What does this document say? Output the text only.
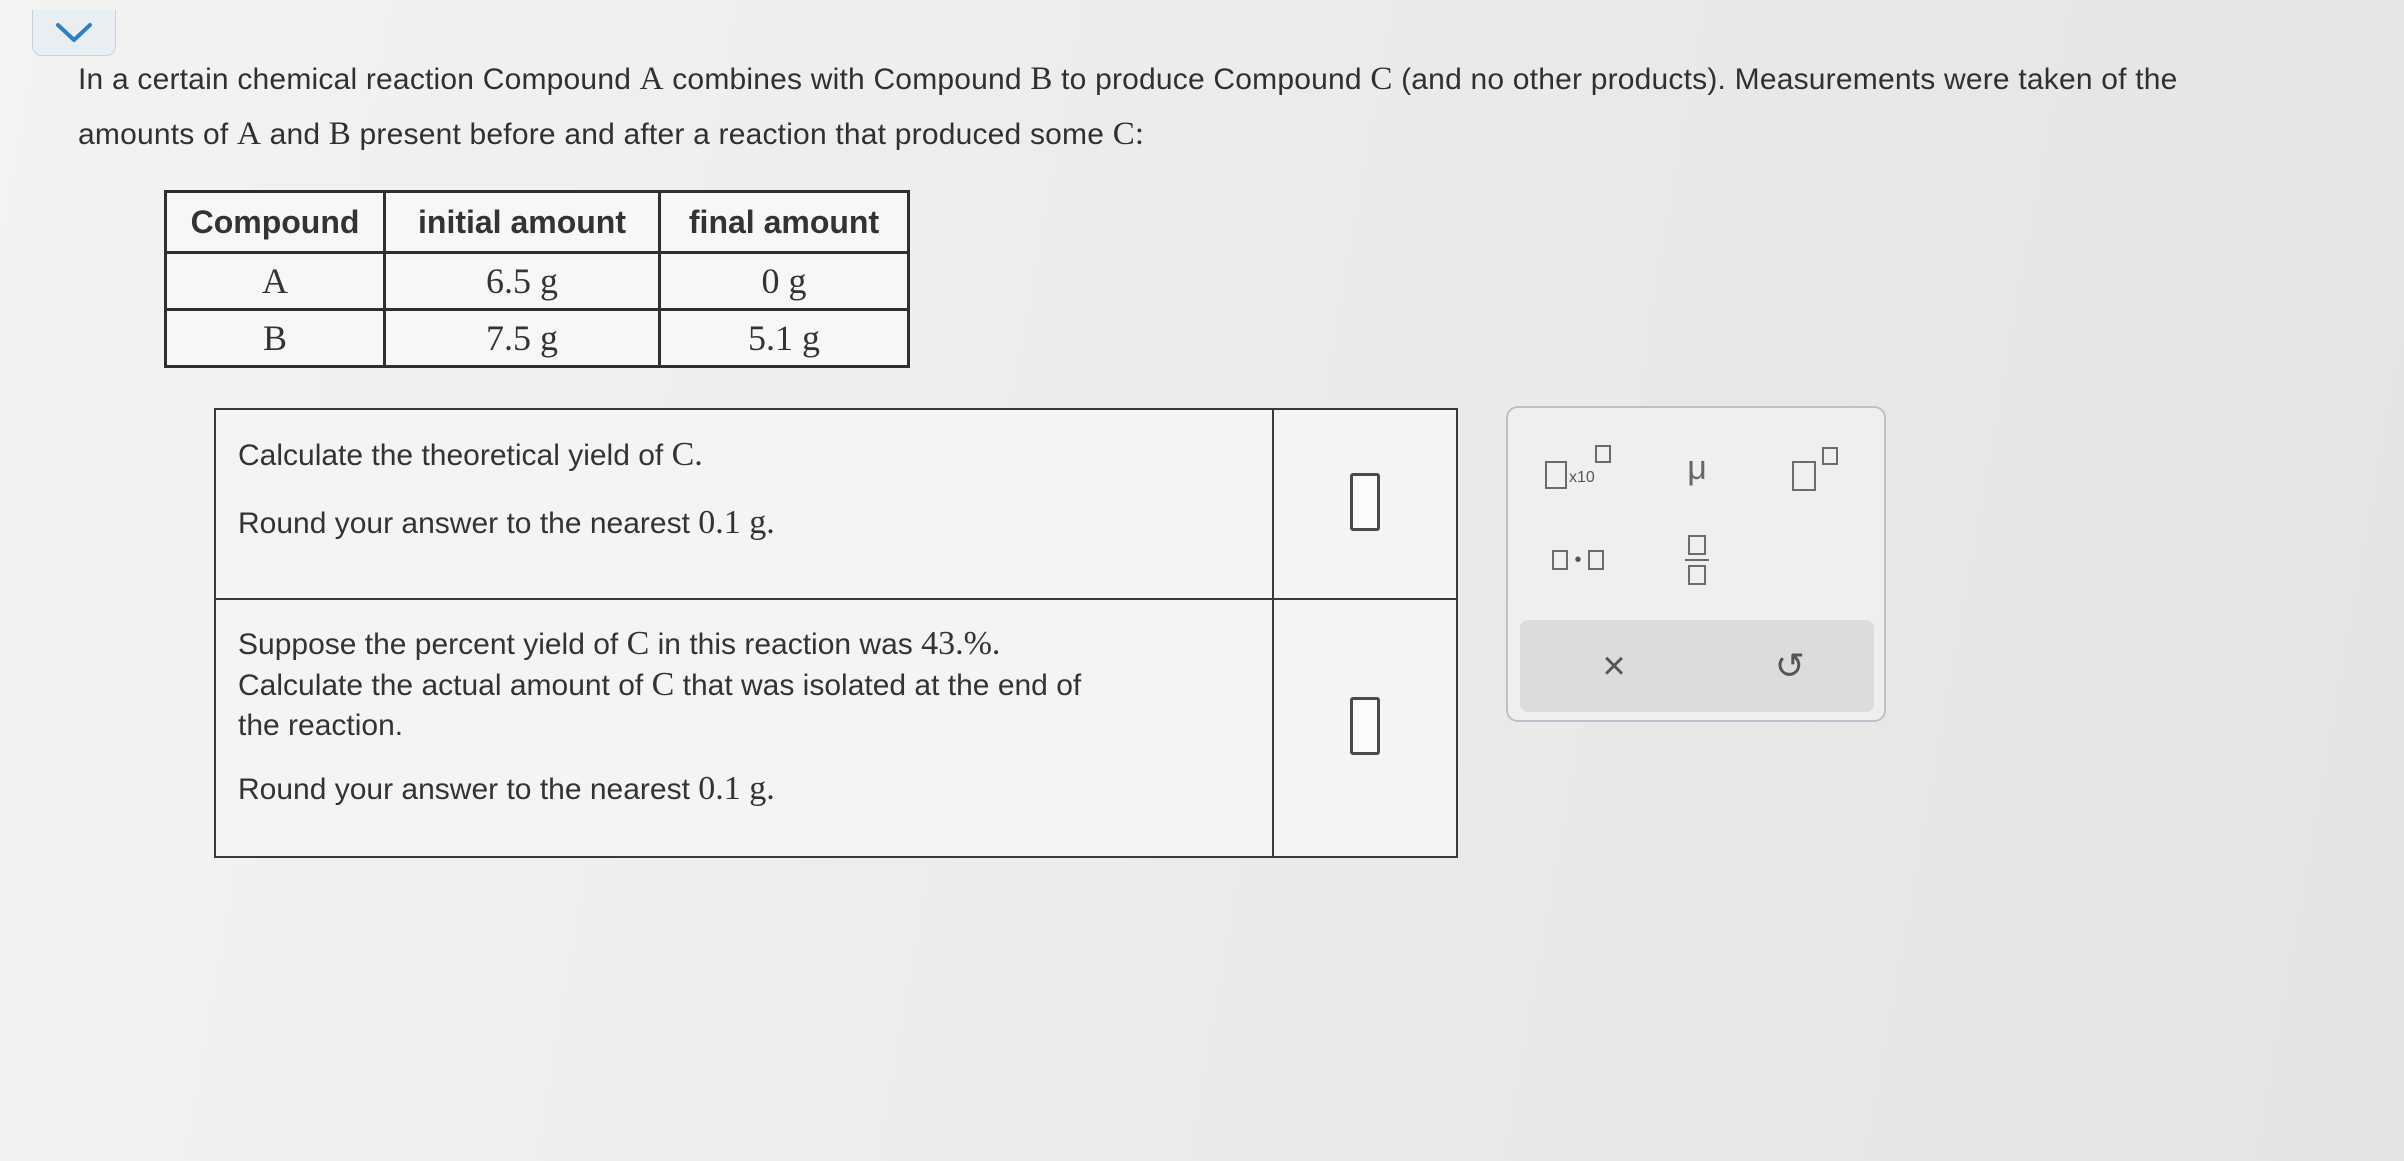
In a certain chemical reaction Compound A combines with Compound B to produce Compound C (and no other products). Measurements were taken of the
amounts of A and B present before and after a reaction that produced some C:
Compound	initial amount	final amount
A	6.5 g	0 g
B	7.5 g	5.1 g

Calculate the theoretical yield of C.

Round your answer to the nearest 0.1 g.	

Suppose the percent yield of C in this reaction was 43.%.
Calculate the actual amount of C that was isolated at the end of
the reaction.

Round your answer to the nearest 0.1 g.	

x10	μ
•
×	↺
